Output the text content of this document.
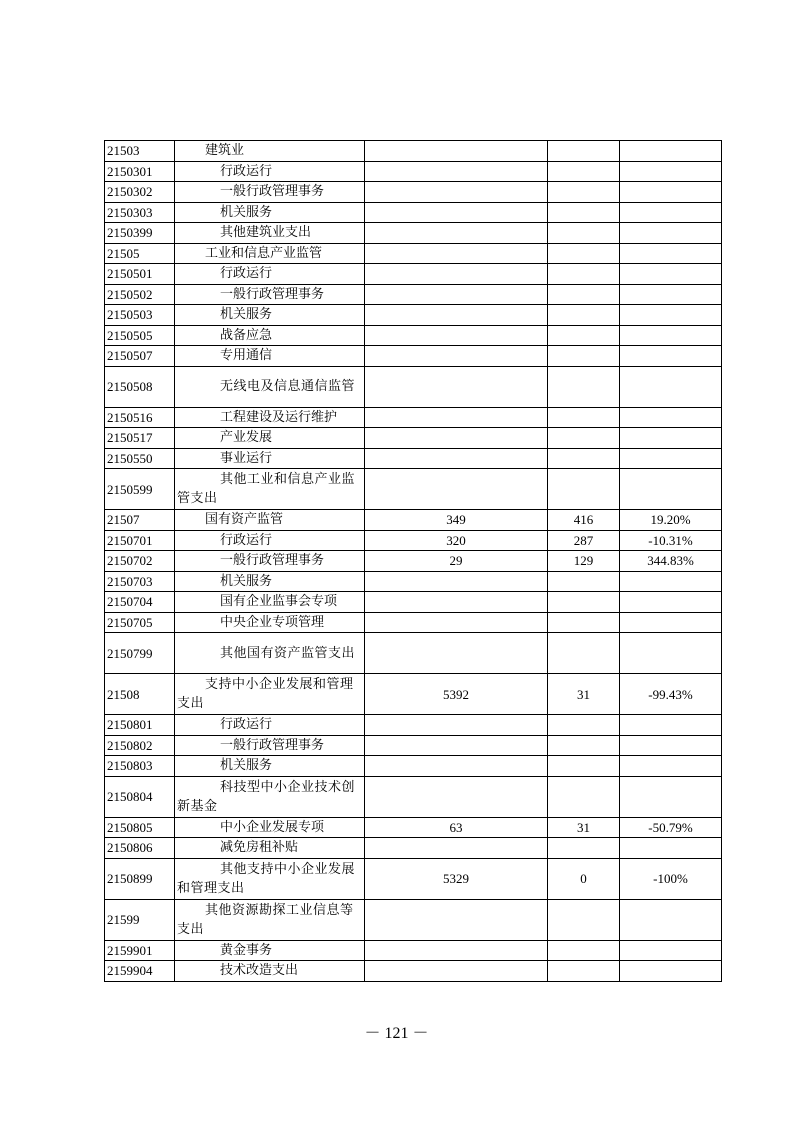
21503	建筑业			
2150301	行政运行			
2150302	一般行政管理事务			
2150303	机关服务			
2150399	其他建筑业支出			
21505	工业和信息产业监管			
2150501	行政运行			
2150502	一般行政管理事务			
2150503	机关服务			
2150505	战备应急			
2150507	专用通信			
2150508	无线电及信息通信监管			
2150516	工程建设及运行维护			
2150517	产业发展			
2150550	事业运行			
2150599	其他工业和信息产业监管支出			
21507	国有资产监管	349	416	19.20%
2150701	行政运行	320	287	-10.31%
2150702	一般行政管理事务	29	129	344.83%
2150703	机关服务			
2150704	国有企业监事会专项			
2150705	中央企业专项管理			
2150799	其他国有资产监管支出			
21508	支持中小企业发展和管理支出	5392	31	-99.43%
2150801	行政运行			
2150802	一般行政管理事务			
2150803	机关服务			
2150804	科技型中小企业技术创新基金			
2150805	中小企业发展专项	63	31	-50.79%
2150806	减免房租补贴			
2150899	其他支持中小企业发展和管理支出	5329	0	-100%
21599	其他资源勘探工业信息等支出			
2159901	黄金事务			
2159904	技术改造支出			
－ 121 －
